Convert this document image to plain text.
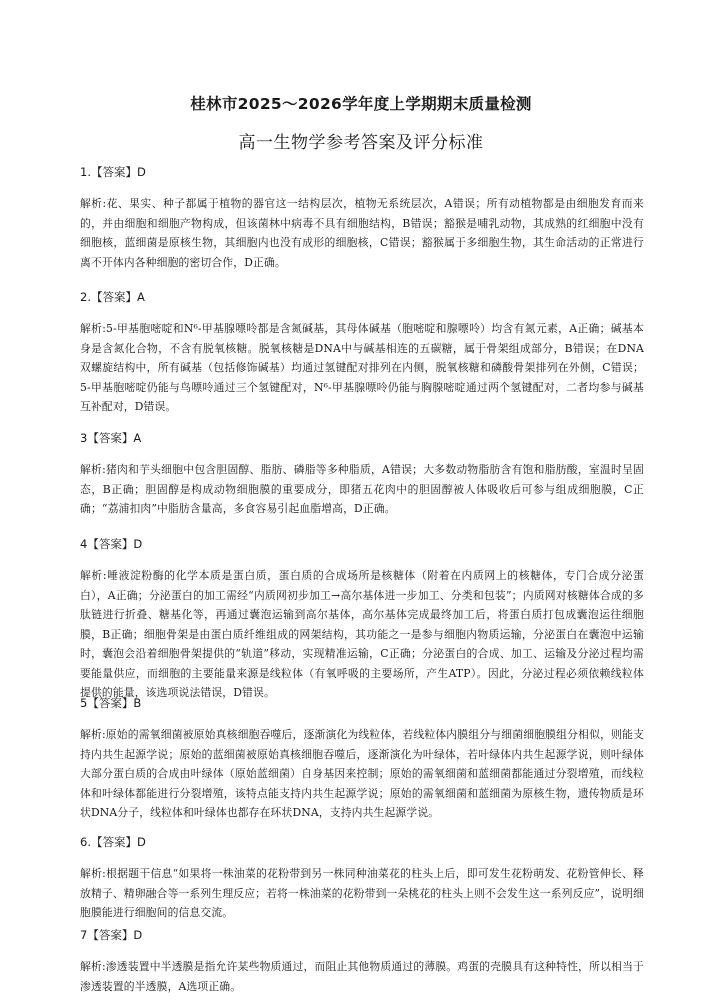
桂林市2025～2026学年度上学期期末质量检测
高一生物学参考答案及评分标准

1.【答案】D

解析:花、果实、种子都属于植物的器官这一结构层次，植物无系统层次，A错误；所有动植物都是由细胞发育而来的，并由细胞和细胞产物构成，但该菌林中病毒不具有细胞结构，B错误；豁猴是哺乳动物，其成熟的红细胞中没有细胞核，蓝细菌是原核生物，其细胞内也没有成形的细胞核，C错误；豁猴属于多细胞生物，其生命活动的正常进行离不开体内各种细胞的密切合作，D正确。

2.【答案】A

解析:5-甲基胞嘧啶和N⁶-甲基腺嘌呤都是含氮碱基，其母体碱基（胞嘧啶和腺嘌呤）均含有氮元素，A正确；碱基本身是含氮化合物，不含有脱氧核糖。脱氧核糖是DNA中与碱基相连的五碳糖，属于骨架组成部分，B错误；在DNA双螺旋结构中，所有碱基（包括修饰碱基）均通过氢键配对排列在内侧，脱氧核糖和磷酸骨架排列在外侧，C错误；5-甲基胞嘧啶仍能与鸟嘌呤通过三个氢键配对，N⁶-甲基腺嘌呤仍能与胸腺嘧啶通过两个氢键配对，二者均参与碱基互补配对，D错误。

3【答案】A

解析:猪肉和芋头细胞中包含胆固醇、脂肪、磷脂等多种脂质，A错误；大多数动物脂肪含有饱和脂肪酸，室温时呈固态，B正确；胆固醇是构成动物细胞膜的重要成分，即猪五花肉中的胆固醇被人体吸收后可参与组成细胞膜，C正确；“荔浦扣肉”中脂肪含量高，多食容易引起血脂增高，D正确。

4【答案】D

解析:唾液淀粉酶的化学本质是蛋白质，蛋白质的合成场所是核糖体（附着在内质网上的核糖体，专门合成分泌蛋白），A正确；分泌蛋白的加工需经“内质网初步加工→高尔基体进一步加工、分类和包装”；内质网对核糖体合成的多肽链进行折叠、糖基化等，再通过囊泡运输到高尔基体，高尔基体完成最终加工后，将蛋白质打包成囊泡运往细胞膜，B正确；细胞骨架是由蛋白质纤维组成的网架结构，其功能之一是参与细胞内物质运输，分泌蛋白在囊泡中运输时，囊泡会沿着细胞骨架提供的“轨道”移动，实现精准运输，C正确；分泌蛋白的合成、加工、运输及分泌过程均需要能量供应，而细胞的主要能量来源是线粒体（有氧呼吸的主要场所，产生ATP）。因此，分泌过程必须依赖线粒体提供的能量，该选项说法错误，D错误。

5【答案】B

解析:原始的需氧细菌被原始真核细胞吞噬后，逐渐演化为线粒体，若线粒体内膜组分与细菌细胞膜组分相似，则能支持内共生起源学说；原始的蓝细菌被原始真核细胞吞噬后，逐渐演化为叶绿体，若叶绿体内共生起源学说，则叶绿体大部分蛋白质的合成由叶绿体（原始蓝细菌）自身基因来控制；原始的需氧细菌和蓝细菌都能通过分裂增殖，而线粒体和叶绿体都能进行分裂增殖，该特点能支持内共生起源学说；原始的需氧细菌和蓝细菌为原核生物，遗传物质是环状DNA分子，线粒体和叶绿体也都存在环状DNA，支持内共生起源学说。

6.【答案】D

解析:根据题干信息“如果将一株油菜的花粉带到另一株同种油菜花的柱头上后，即可发生花粉萌发、花粉管伸长、释放精子、精卵融合等一系列生理反应；若将一株油菜的花粉带到一朵桃花的柱头上则不会发生这一系列反应”，说明细胞膜能进行细胞间的信息交流。

7【答案】D

解析:渗透装置中半透膜是指允许某些物质通过，而阻止其他物质通过的薄膜。鸡蛋的壳膜具有这种特性，所以相当于渗透装置的半透膜，A选项正确。
